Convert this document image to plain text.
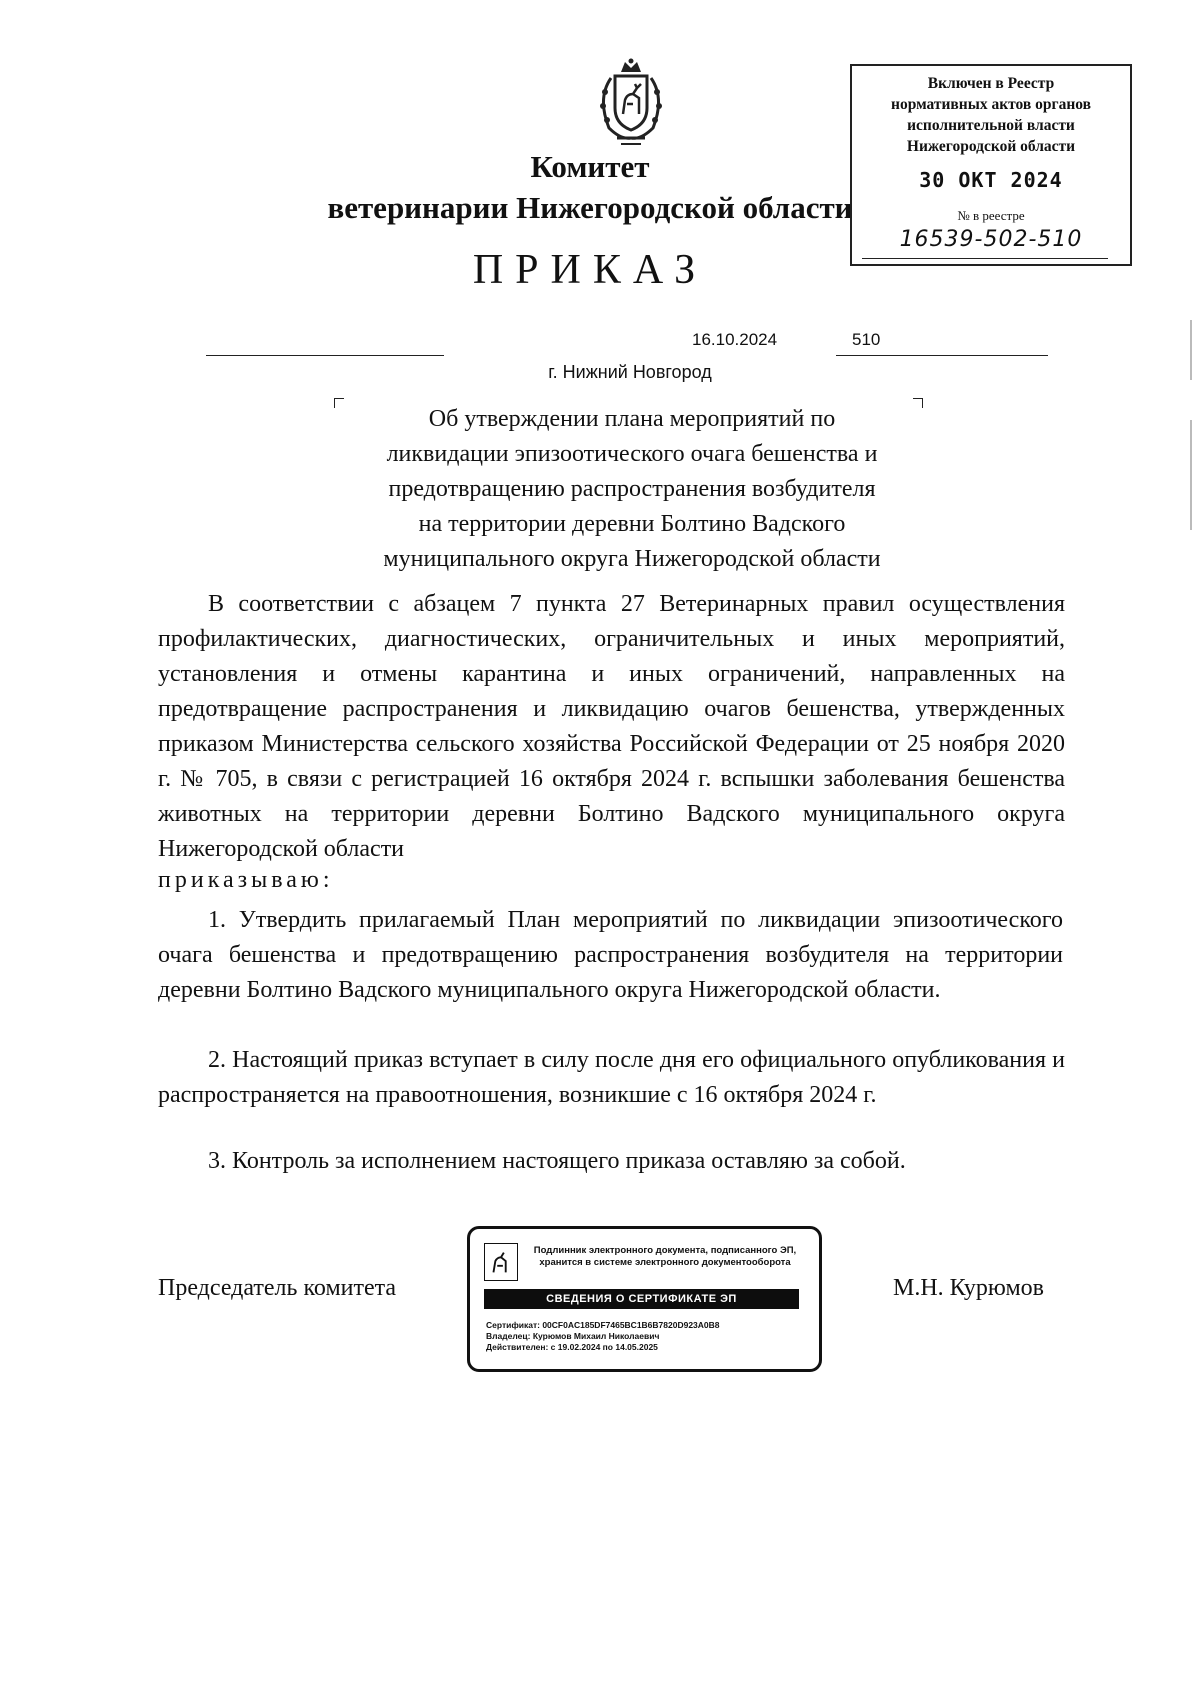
Комитет
ветеринарии Нижегородской области
ПРИКАЗ
Включен в Реестр
нормативных актов органов
исполнительной власти
Нижегородской области
30 ОКТ 2024
№ в реестре
16539-502-510
16.10.2024	510
г. Нижний Новгород
Об утверждении плана мероприятий по
ликвидации эпизоотического очага бешенства и
предотвращению распространения возбудителя
на территории деревни Болтино Вадского
муниципального округа Нижегородской области
В соответствии с абзацем 7 пункта 27 Ветеринарных правил осуществления профилактических, диагностических, ограничительных и иных мероприятий, установления и отмены карантина и иных ограничений, направленных на предотвращение распространения и ликвидацию очагов бешенства, утвержденных приказом Министерства сельского хозяйства Российской Федерации от 25 ноября 2020 г. № 705, в связи с регистрацией 16 октября 2024 г. вспышки заболевания бешенства животных на территории деревни Болтино Вадского муниципального округа Нижегородской области
приказываю:
1. Утвердить прилагаемый План мероприятий по ликвидации эпизоотического очага бешенства и предотвращению распространения возбудителя на территории деревни Болтино Вадского муниципального округа Нижегородской области.
2. Настоящий приказ вступает в силу после дня его официального опубликования и распространяется на правоотношения, возникшие с 16 октября 2024 г.
3. Контроль за исполнением настоящего приказа оставляю за собой.
Председатель комитета
Подлинник электронного документа, подписанного ЭП, хранится в системе электронного документооборота
СВЕДЕНИЯ О СЕРТИФИКАТЕ ЭП
Сертификат: 00CF0AC185DF7465BC1B6B7820D923A0B8
Владелец: Курюмов Михаил Николаевич
Действителен: с 19.02.2024 по 14.05.2025
М.Н. Курюмов
